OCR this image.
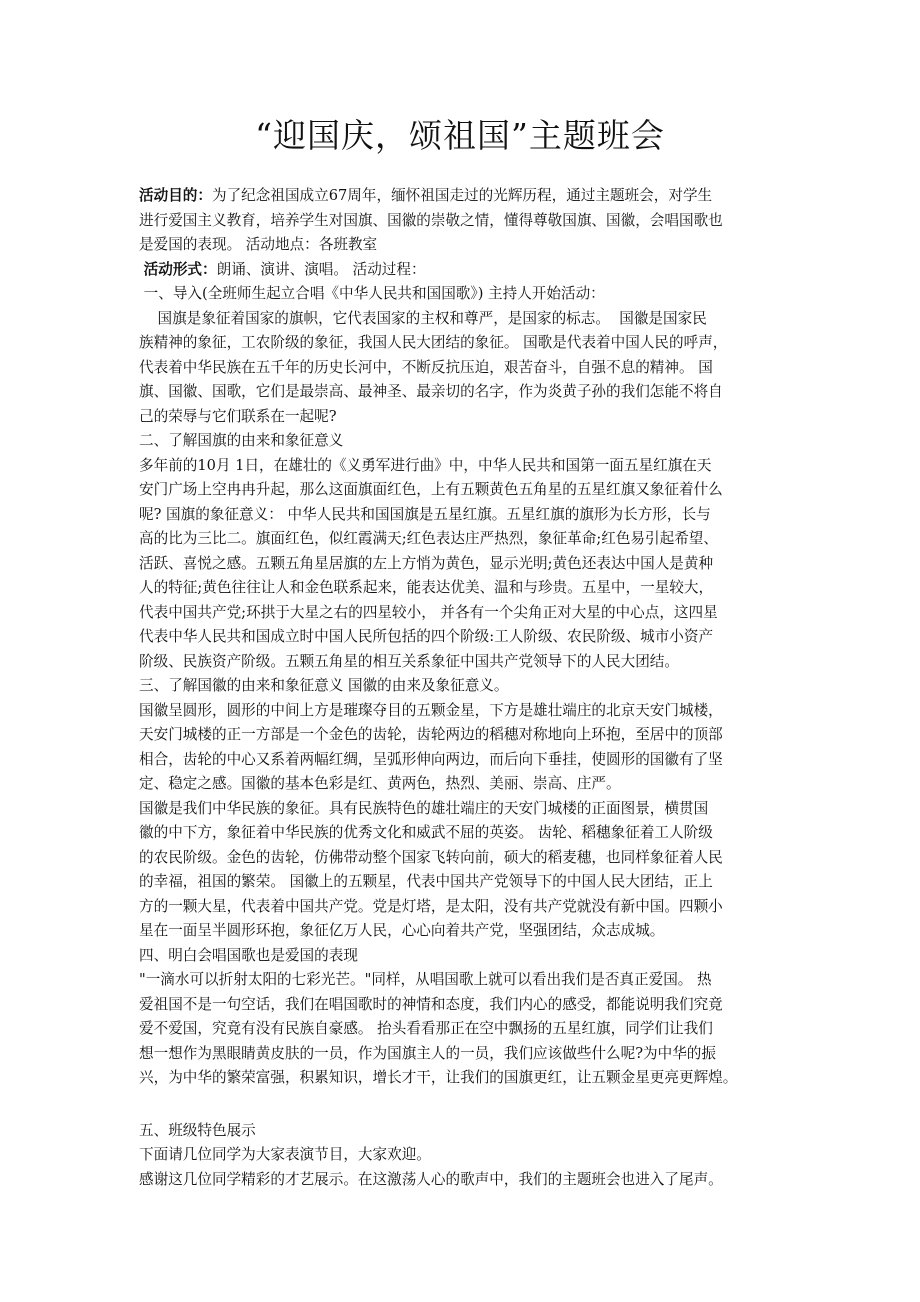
“迎国庆，颂祖国”主题班会
活动目的：为了纪念祖国成立67周年，缅怀祖国走过的光辉历程，通过主题班会，对学生
进行爱国主义教育，培养学生对国旗、国徽的崇敬之情，懂得尊敬国旗、国徽，会唱国歌也
是爱国的表现。 活动地点：各班教室
活动形式：朗诵、演讲、演唱。 活动过程：
一、导入(全班师生起立合唱《中华人民共和国国歌》) 主持人开始活动：
国旗是象征着国家的旗帜，它代表国家的主权和尊严，是国家的标志。  国徽是国家民
族精神的象征，工农阶级的象征，我国人民大团结的象征。 国歌是代表着中国人民的呼声，
代表着中华民族在五千年的历史长河中，不断反抗压迫，艰苦奋斗，自强不息的精神。 国
旗、国徽、国歌，它们是最崇高、最神圣、最亲切的名字，作为炎黄子孙的我们怎能不将自
己的荣辱与它们联系在一起呢?
二、了解国旗的由来和象征意义
多年前的10月 1日，在雄壮的《义勇军进行曲》中，中华人民共和国第一面五星红旗在天
安门广场上空冉冉升起，那么这面旗面红色，上有五颗黄色五角星的五星红旗又象征着什么
呢? 国旗的象征意义： 中华人民共和国国旗是五星红旗。五星红旗的旗形为长方形，长与
高的比为三比二。旗面红色，似红霞满天;红色表达庄严热烈，象征革命;红色易引起希望、
活跃、喜悦之感。五颗五角星居旗的左上方悄为黄色，显示光明;黄色还表达中国人是黄种
人的特征;黄色往往让人和金色联系起来，能表达优美、温和与珍贵。五星中，一星较大，
代表中国共产党;环拱于大星之右的四星较小， 并各有一个尖角正对大星的中心点，这四星
代表中华人民共和国成立时中国人民所包括的四个阶级:工人阶级、农民阶级、城市小资产
阶级、民族资产阶级。五颗五角星的相互关系象征中国共产党领导下的人民大团结。
三、了解国徽的由来和象征意义 国徽的由来及象征意义。
国徽呈圆形，圆形的中间上方是璀璨夺目的五颗金星，下方是雄壮端庄的北京天安门城楼，
天安门城楼的正一方部是一个金色的齿轮，齿轮两边的稻穗对称地向上环抱，至居中的顶部
相合，齿轮的中心又系着两幅红绸，呈弧形伸向两边，而后向下垂挂，使圆形的国徽有了坚
定、稳定之感。国徽的基本色彩是红、黄两色，热烈、美丽、崇高、庄严。
国徽是我们中华民族的象征。具有民族特色的雄壮端庄的天安门城楼的正面图景，横贯国
徽的中下方，象征着中华民族的优秀文化和威武不屈的英姿。 齿轮、稻穗象征着工人阶级
的农民阶级。金色的齿轮，仿佛带动整个国家飞转向前，硕大的稻麦穗，也同样象征着人民
的幸福，祖国的繁荣。 国徽上的五颗星，代表中国共产党领导下的中国人民大团结，正上
方的一颗大星，代表着中国共产党。党是灯塔，是太阳，没有共产党就没有新中国。四颗小
星在一面呈半圆形环抱，象征亿万人民，心心向着共产党，坚强团结，众志成城。
四、明白会唱国歌也是爱国的表现
"一滴水可以折射太阳的七彩光芒。"同样，从唱国歌上就可以看出我们是否真正爱国。 热
爱祖国不是一句空话，我们在唱国歌时的神情和态度，我们内心的感受，都能说明我们究竟
爱不爱国，究竟有没有民族自豪感。 抬头看看那正在空中飘扬的五星红旗，同学们让我们
想一想作为黑眼睛黄皮肤的一员，作为国旗主人的一员，我们应该做些什么呢?为中华的振
兴，为中华的繁荣富强，积累知识，增长才干，让我们的国旗更红，让五颗金星更亮更辉煌。
五、班级特色展示
下面请几位同学为大家表演节目，大家欢迎。
感谢这几位同学精彩的才艺展示。在这激荡人心的歌声中，我们的主题班会也进入了尾声。
